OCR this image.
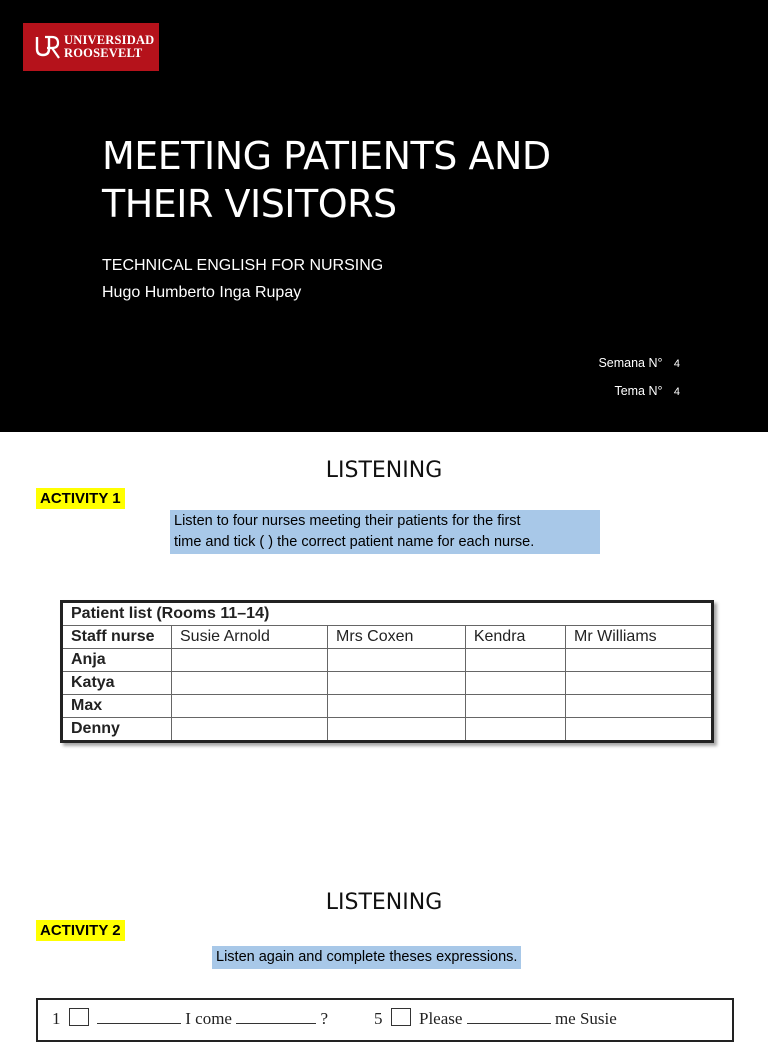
UNIVERSIDAD
ROOSEVELT
MEETING PATIENTS AND
THEIR VISITORS
TECHNICAL ENGLISH FOR NURSING
Hugo Humberto Inga Rupay
Semana N° 4
Tema N° 4
LISTENING
ACTIVITY 1
Listen to four nurses meeting their patients for the first
time and tick ( ) the correct patient name for each nurse.
Patient list (Rooms 11–14)				
Staff nurse	Susie Arnold	Mrs Coxen	Kendra	Mr Williams
Anja				
Katya				
Max				
Denny				
LISTENING
ACTIVITY 2
Listen again and complete theses expressions.
1	I come	?	5 Please	me Susie
